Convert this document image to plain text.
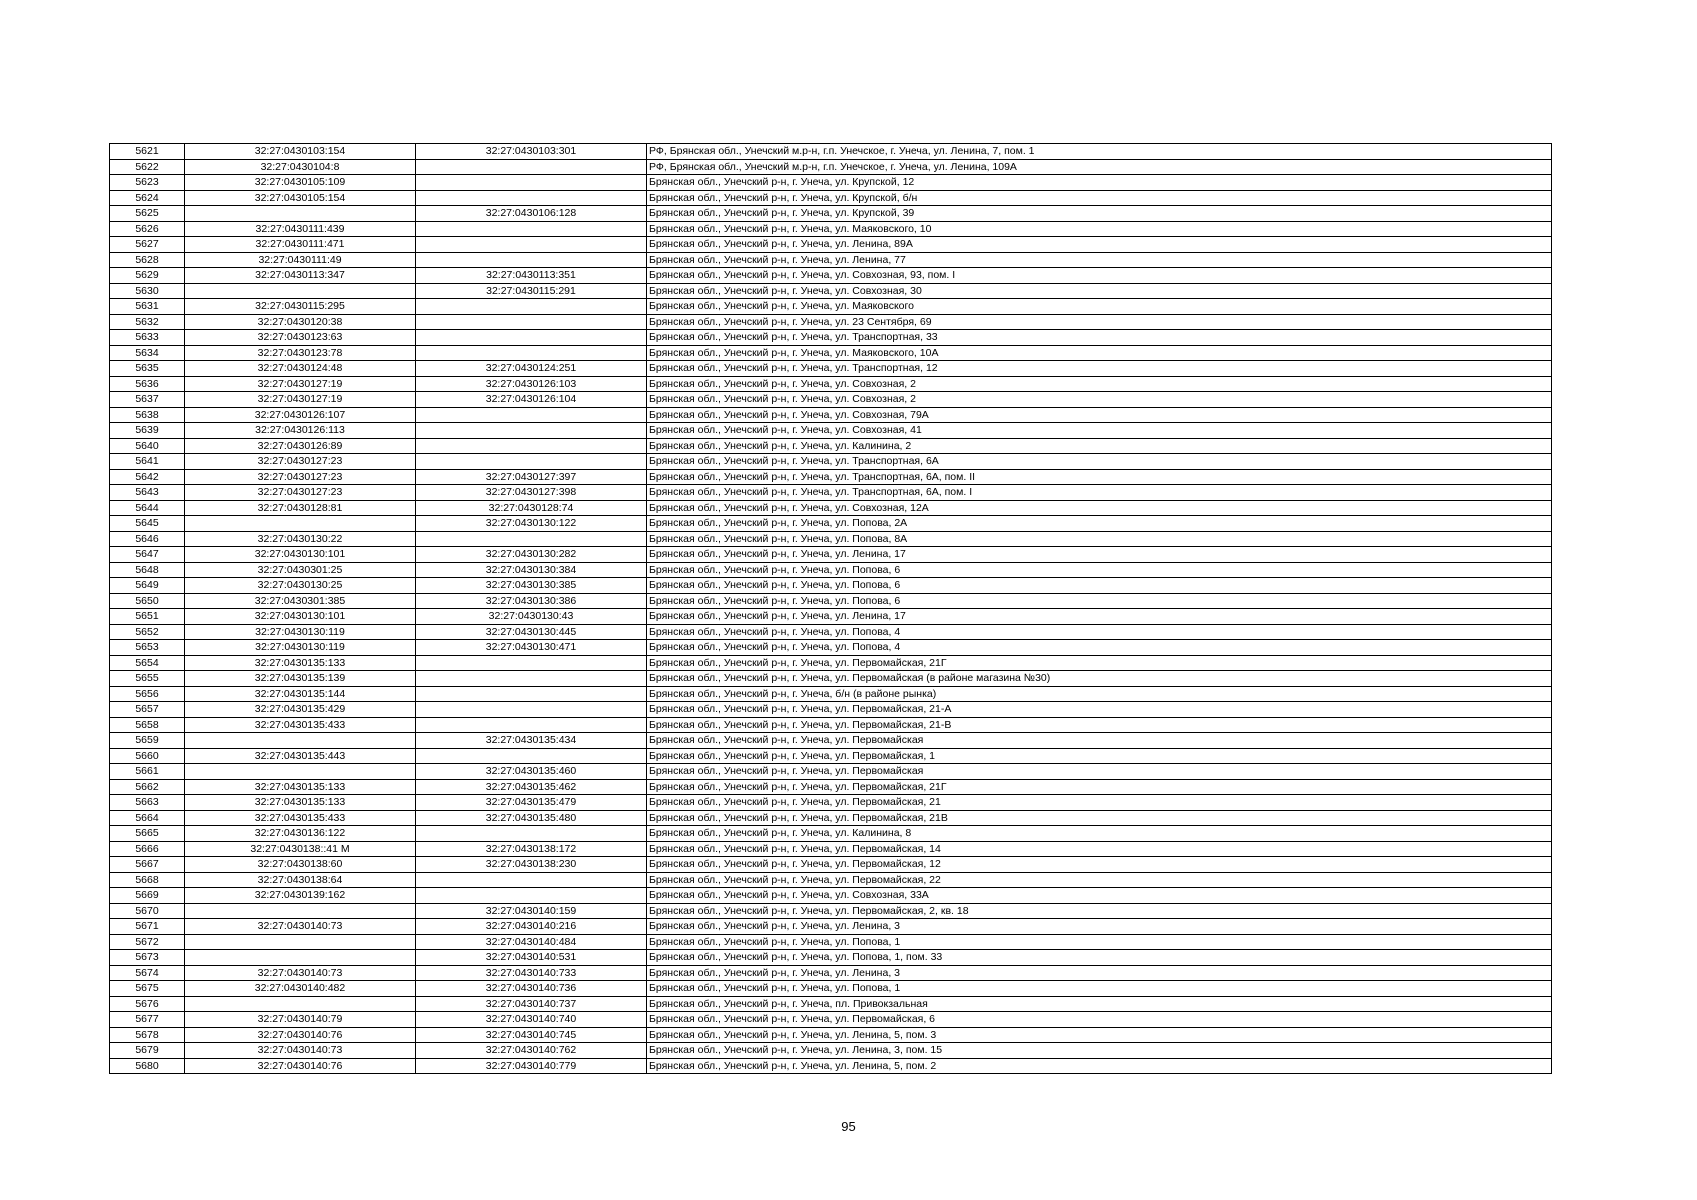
5621	32:27:0430103:154	32:27:0430103:301	РФ, Брянская обл., Унечский м.р-н, г.п. Унечское, г. Унеча, ул. Ленина, 7, пом. 1
5622	32:27:0430104:8		РФ, Брянская обл., Унечский м.р-н, г.п. Унечское, г. Унеча, ул. Ленина, 109А
5623	32:27:0430105:109		Брянская обл., Унечский р-н, г. Унеча, ул. Крупской, 12
5624	32:27:0430105:154		Брянская обл., Унечский р-н, г. Унеча, ул. Крупской, б/н
5625		32:27:0430106:128	Брянская обл., Унечский р-н, г. Унеча, ул. Крупской, 39
5626	32:27:0430111:439		Брянская обл., Унечский р-н, г. Унеча, ул. Маяковского, 10
5627	32:27:0430111:471		Брянская обл., Унечский р-н, г. Унеча, ул. Ленина, 89А
5628	32:27:0430111:49		Брянская обл., Унечский р-н, г. Унеча, ул. Ленина, 77
5629	32:27:0430113:347	32:27:0430113:351	Брянская обл., Унечский р-н, г. Унеча, ул. Совхозная, 93, пом. I
5630		32:27:0430115:291	Брянская обл., Унечский р-н, г. Унеча, ул. Совхозная, 30
5631	32:27:0430115:295		Брянская обл., Унечский р-н, г. Унеча, ул. Маяковского
5632	32:27:0430120:38		Брянская обл., Унечский р-н, г. Унеча, ул. 23 Сентября, 69
5633	32:27:0430123:63		Брянская обл., Унечский р-н, г. Унеча, ул. Транспортная, 33
5634	32:27:0430123:78		Брянская обл., Унечский р-н, г. Унеча, ул. Маяковского, 10А
5635	32:27:0430124:48	32:27:0430124:251	Брянская обл., Унечский р-н, г. Унеча, ул. Транспортная, 12
5636	32:27:0430127:19	32:27:0430126:103	Брянская обл., Унечский р-н, г. Унеча, ул. Совхозная, 2
5637	32:27:0430127:19	32:27:0430126:104	Брянская обл., Унечский р-н, г. Унеча, ул. Совхозная, 2
5638	32:27:0430126:107		Брянская обл., Унечский р-н, г. Унеча, ул. Совхозная, 79А
5639	32:27:0430126:113		Брянская обл., Унечский р-н, г. Унеча, ул. Совхозная, 41
5640	32:27:0430126:89		Брянская обл., Унечский р-н, г. Унеча, ул. Калинина, 2
5641	32:27:0430127:23		Брянская обл., Унечский р-н, г. Унеча, ул. Транспортная, 6А
5642	32:27:0430127:23	32:27:0430127:397	Брянская обл., Унечский р-н, г. Унеча, ул. Транспортная, 6А, пом. II
5643	32:27:0430127:23	32:27:0430127:398	Брянская обл., Унечский р-н, г. Унеча, ул. Транспортная, 6А, пом. I
5644	32:27:0430128:81	32:27:0430128:74	Брянская обл., Унечский р-н, г. Унеча, ул. Совхозная, 12А
5645		32:27:0430130:122	Брянская обл., Унечский р-н, г. Унеча, ул. Попова, 2А
5646	32:27:0430130:22		Брянская обл., Унечский р-н, г. Унеча, ул. Попова, 8А
5647	32:27:0430130:101	32:27:0430130:282	Брянская обл., Унечский р-н, г. Унеча, ул. Ленина, 17
5648	32:27:0430301:25	32:27:0430130:384	Брянская обл., Унечский р-н, г. Унеча, ул. Попова, 6
5649	32:27:0430130:25	32:27:0430130:385	Брянская обл., Унечский р-н, г. Унеча, ул. Попова, 6
5650	32:27:0430301:385	32:27:0430130:386	Брянская обл., Унечский р-н, г. Унеча, ул. Попова, 6
5651	32:27:0430130:101	32:27:0430130:43	Брянская обл., Унечский р-н, г. Унеча, ул. Ленина, 17
5652	32:27:0430130:119	32:27:0430130:445	Брянская обл., Унечский р-н, г. Унеча, ул. Попова, 4
5653	32:27:0430130:119	32:27:0430130:471	Брянская обл., Унечский р-н, г. Унеча, ул. Попова, 4
5654	32:27:0430135:133		Брянская обл., Унечский р-н, г. Унеча, ул. Первомайская, 21Г
5655	32:27:0430135:139		Брянская обл., Унечский р-н, г. Унеча, ул. Первомайская (в районе магазина №30)
5656	32:27:0430135:144		Брянская обл., Унечский р-н, г. Унеча, б/н (в районе рынка)
5657	32:27:0430135:429		Брянская обл., Унечский р-н, г. Унеча, ул. Первомайская, 21-А
5658	32:27:0430135:433		Брянская обл., Унечский р-н, г. Унеча, ул. Первомайская, 21-В
5659		32:27:0430135:434	Брянская обл., Унечский р-н, г. Унеча, ул. Первомайская
5660	32:27:0430135:443		Брянская обл., Унечский р-н, г. Унеча, ул. Первомайская, 1
5661		32:27:0430135:460	Брянская обл., Унечский р-н, г. Унеча, ул. Первомайская
5662	32:27:0430135:133	32:27:0430135:462	Брянская обл., Унечский р-н, г. Унеча, ул. Первомайская, 21Г
5663	32:27:0430135:133	32:27:0430135:479	Брянская обл., Унечский р-н, г. Унеча, ул. Первомайская, 21
5664	32:27:0430135:433	32:27:0430135:480	Брянская обл., Унечский р-н, г. Унеча, ул. Первомайская, 21В
5665	32:27:0430136:122		Брянская обл., Унечский р-н, г. Унеча, ул. Калинина, 8
5666	32:27:0430138::41 М	32:27:0430138:172	Брянская обл., Унечский р-н, г. Унеча, ул. Первомайская, 14
5667	32:27:0430138:60	32:27:0430138:230	Брянская обл., Унечский р-н, г. Унеча, ул. Первомайская, 12
5668	32:27:0430138:64		Брянская обл., Унечский р-н, г. Унеча, ул. Первомайская, 22
5669	32:27:0430139:162		Брянская обл., Унечский р-н, г. Унеча, ул. Совхозная, 33А
5670		32:27:0430140:159	Брянская обл., Унечский р-н, г. Унеча, ул. Первомайская, 2, кв. 18
5671	32:27:0430140:73	32:27:0430140:216	Брянская обл., Унечский р-н, г. Унеча, ул. Ленина, 3
5672		32:27:0430140:484	Брянская обл., Унечский р-н, г. Унеча, ул. Попова, 1
5673		32:27:0430140:531	Брянская обл., Унечский р-н, г. Унеча, ул. Попова, 1, пом. 33
5674	32:27:0430140:73	32:27:0430140:733	Брянская обл., Унечский р-н, г. Унеча, ул. Ленина, 3
5675	32:27:0430140:482	32:27:0430140:736	Брянская обл., Унечский р-н, г. Унеча, ул. Попова, 1
5676		32:27:0430140:737	Брянская обл., Унечский р-н, г. Унеча, пл. Привокзальная
5677	32:27:0430140:79	32:27:0430140:740	Брянская обл., Унечский р-н, г. Унеча, ул. Первомайская, 6
5678	32:27:0430140:76	32:27:0430140:745	Брянская обл., Унечский р-н, г. Унеча, ул. Ленина, 5, пом. 3
5679	32:27:0430140:73	32:27:0430140:762	Брянская обл., Унечский р-н, г. Унеча, ул. Ленина, 3, пом. 15
5680	32:27:0430140:76	32:27:0430140:779	Брянская обл., Унечский р-н, г. Унеча, ул. Ленина, 5, пом. 2
95
